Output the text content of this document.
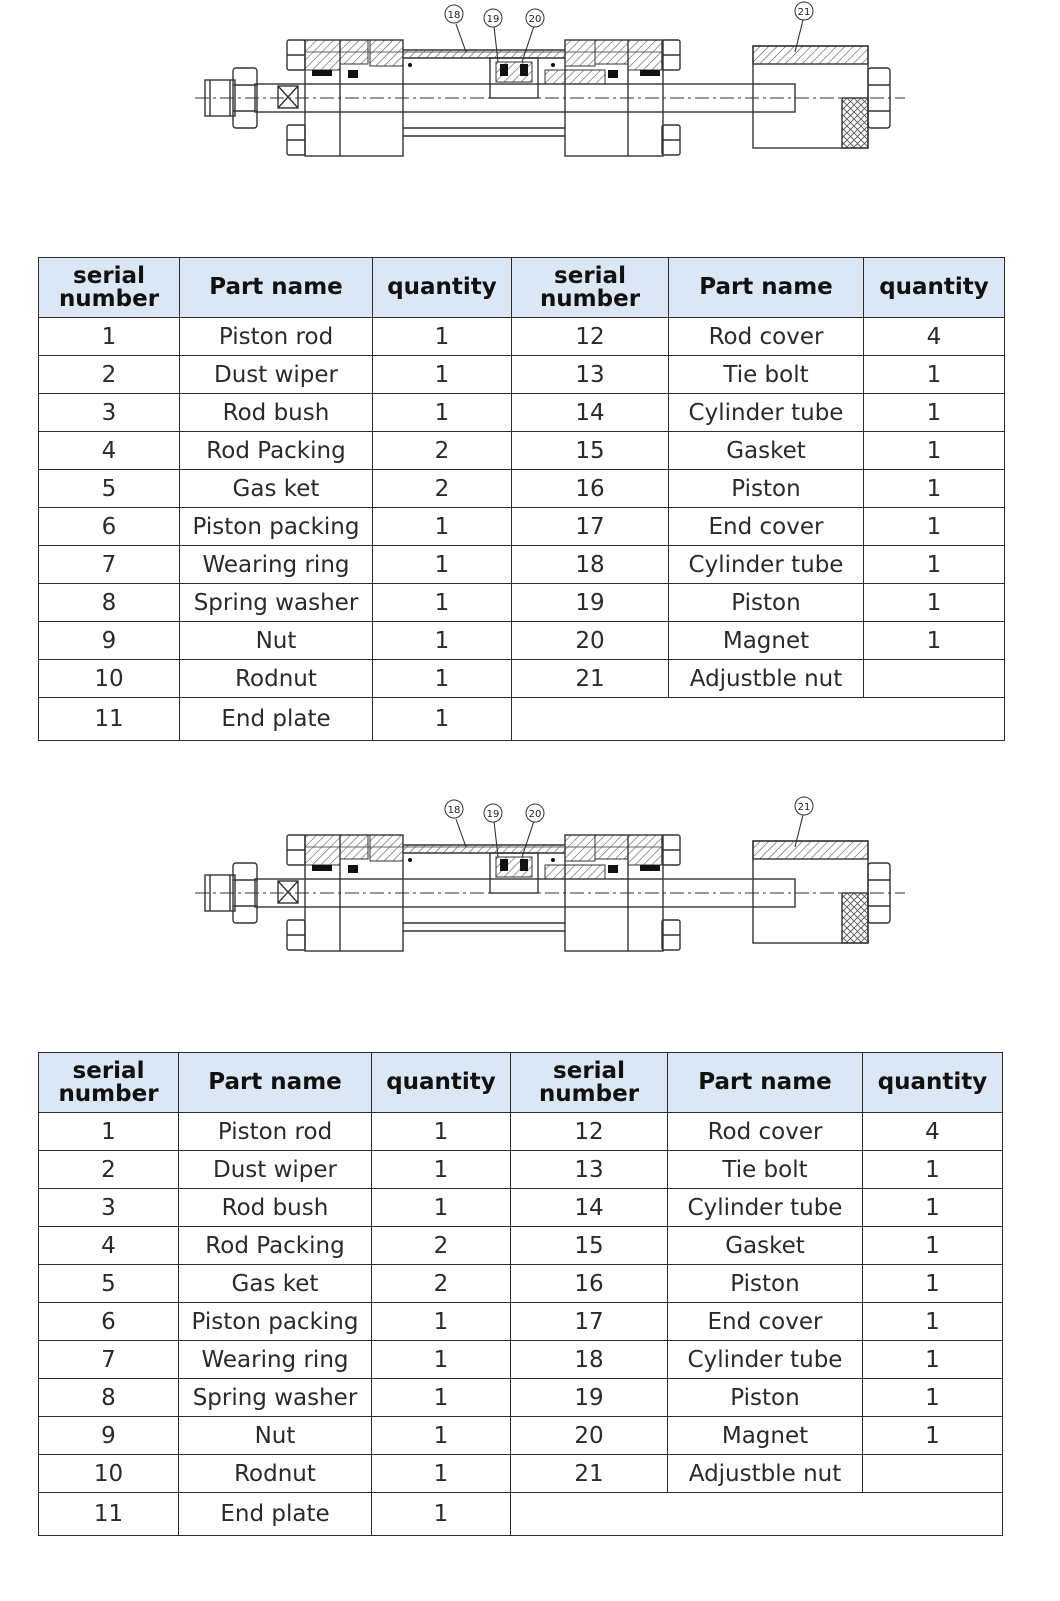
18	19	20
21
serial number	Part name	quantity	serial number	Part name	quantity
1	Piston rod	1	12	Rod cover	4
2	Dust wiper	1	13	Tie bolt	1
3	Rod bush	1	14	Cylinder tube	1
4	Rod Packing	2	15	Gasket	1
5	Gas ket	2	16	Piston	1
6	Piston packing	1	17	End cover	1
7	Wearing ring	1	18	Cylinder tube	1
8	Spring washer	1	19	Piston	1
9	Nut	1	20	Magnet	1
10	Rodnut	1	21	Adjustble nut	
11	End plate	1			
18	19	20
21
serial number	Part name	quantity	serial number	Part name	quantity
1	Piston rod	1	12	Rod cover	4
2	Dust wiper	1	13	Tie bolt	1
3	Rod bush	1	14	Cylinder tube	1
4	Rod Packing	2	15	Gasket	1
5	Gas ket	2	16	Piston	1
6	Piston packing	1	17	End cover	1
7	Wearing ring	1	18	Cylinder tube	1
8	Spring washer	1	19	Piston	1
9	Nut	1	20	Magnet	1
10	Rodnut	1	21	Adjustble nut	
11	End plate	1			
